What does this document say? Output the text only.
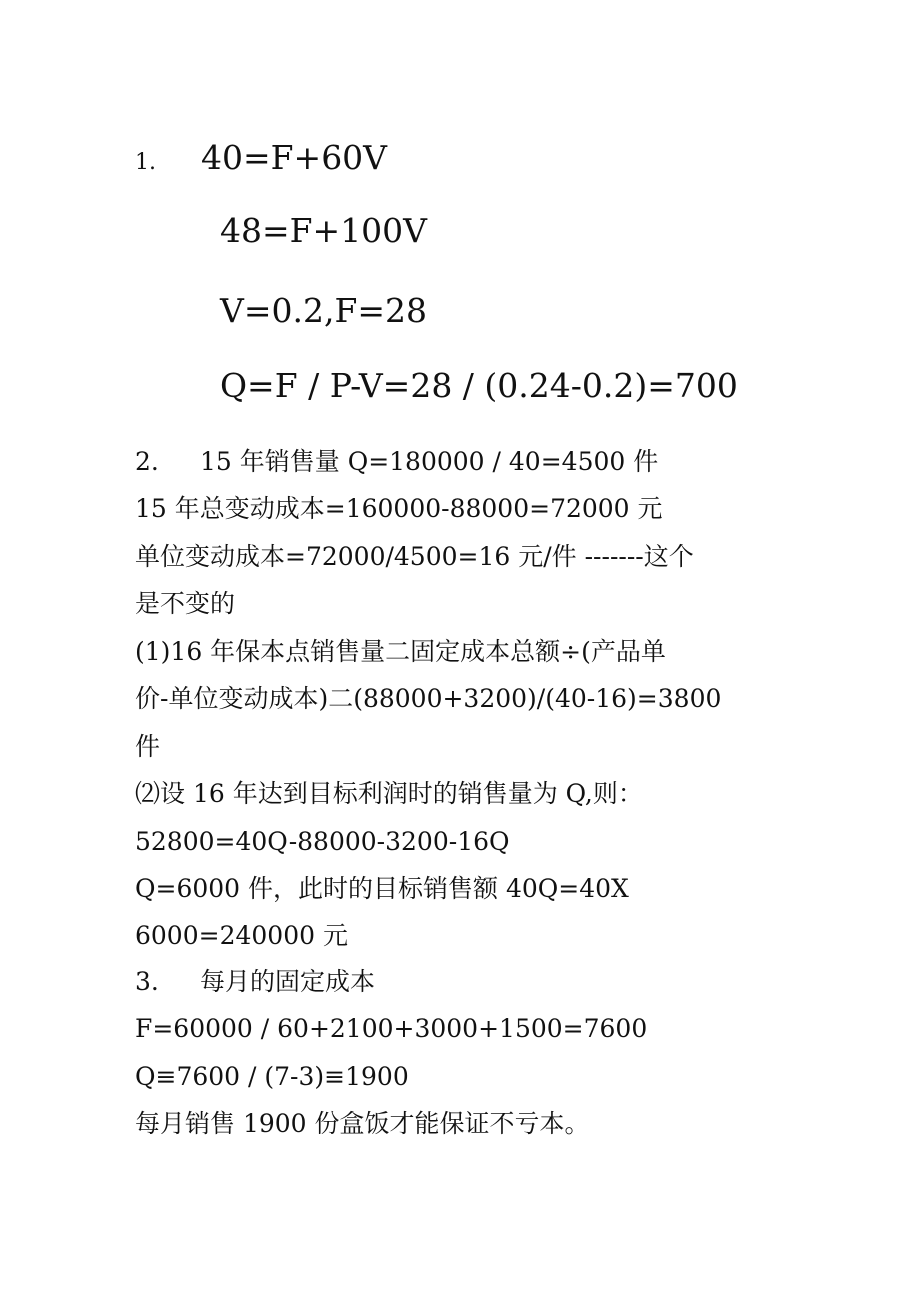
1. 40=F+60V

48=F+100V

V=0.2,F=28

Q=F / P-V=28 / (0.24-0.2)=700

2. 15 年销售量 Q=180000 / 40=4500 件

15 年总变动成本=160000-88000=72000 元

单位变动成本=72000/4500=16 元/件 -------这个

是不变的

(1)16 年保本点销售量二固定成本总额÷(产品单

价-单位变动成本)二(88000+3200)/(40-16)=3800

件

⑵设 16 年达到目标利润时的销售量为 Q,则：

52800=40Q-88000-3200-16Q

Q=6000 件，此时的目标销售额 40Q=40X

6000=240000 元

3. 每月的固定成本

F=60000 / 60+2100+3000+1500=7600

Q≡7600 / (7-3)≡1900

每月销售 1900 份盒饭才能保证不亏本。
